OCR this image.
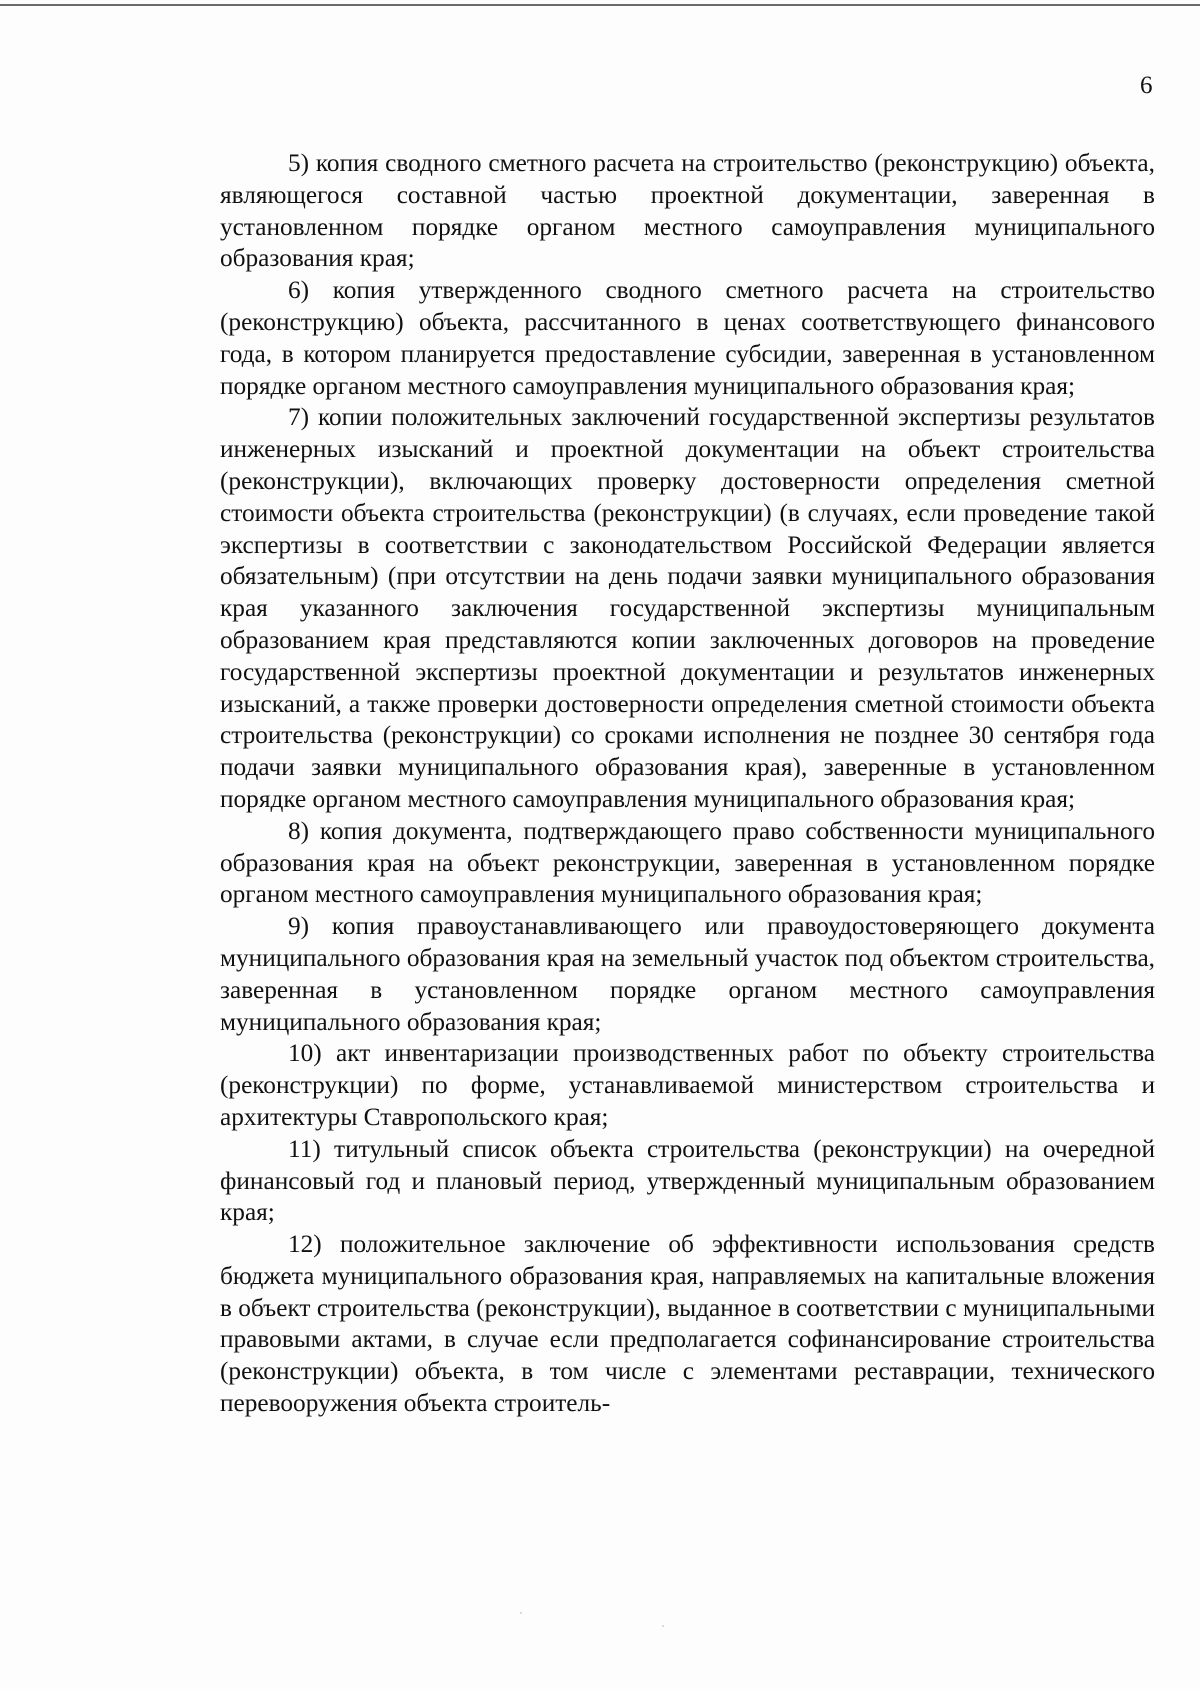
6

5) копия сводного сметного расчета на строительство (реконструкцию) объекта, являющегося составной частью проектной документации, заверенная в установленном порядке органом местного самоуправления муниципального образования края;

6) копия утвержденного сводного сметного расчета на строительство (реконструкцию) объекта, рассчитанного в ценах соответствующего финансового года, в котором планируется предоставление субсидии, заверенная в установленном порядке органом местного самоуправления муниципального образования края;

7) копии положительных заключений государственной экспертизы результатов инженерных изысканий и проектной документации на объект строительства (реконструкции), включающих проверку достоверности определения сметной стоимости объекта строительства (реконструкции) (в случаях, если проведение такой экспертизы в соответствии с законодательством Российской Федерации является обязательным) (при отсутствии на день подачи заявки муниципального образования края указанного заключения государственной экспертизы муниципальным образованием края представляются копии заключенных договоров на проведение государственной экспертизы проектной документации и результатов инженерных изысканий, а также проверки достоверности определения сметной стоимости объекта строительства (реконструкции) со сроками исполнения не позднее 30 сентября года подачи заявки муниципального образования края), заверенные в установленном порядке органом местного самоуправления муниципального образования края;

8) копия документа, подтверждающего право собственности муниципального образования края на объект реконструкции, заверенная в установленном порядке органом местного самоуправления муниципального образования края;

9) копия правоустанавливающего или правоудостоверяющего документа муниципального образования края на земельный участок под объектом строительства, заверенная в установленном порядке органом местного самоуправления муниципального образования края;

10) акт инвентаризации производственных работ по объекту строительства (реконструкции) по форме, устанавливаемой министерством строительства и архитектуры Ставропольского края;

11) титульный список объекта строительства (реконструкции) на очередной финансовый год и плановый период, утвержденный муниципальным образованием края;

12) положительное заключение об эффективности использования средств бюджета муниципального образования края, направляемых на капитальные вложения в объект строительства (реконструкции), выданное в соответствии с муниципальными правовыми актами, в случае если предполагается софинансирование строительства (реконструкции) объекта, в том числе с элементами реставрации, технического перевооружения объекта строитель-
